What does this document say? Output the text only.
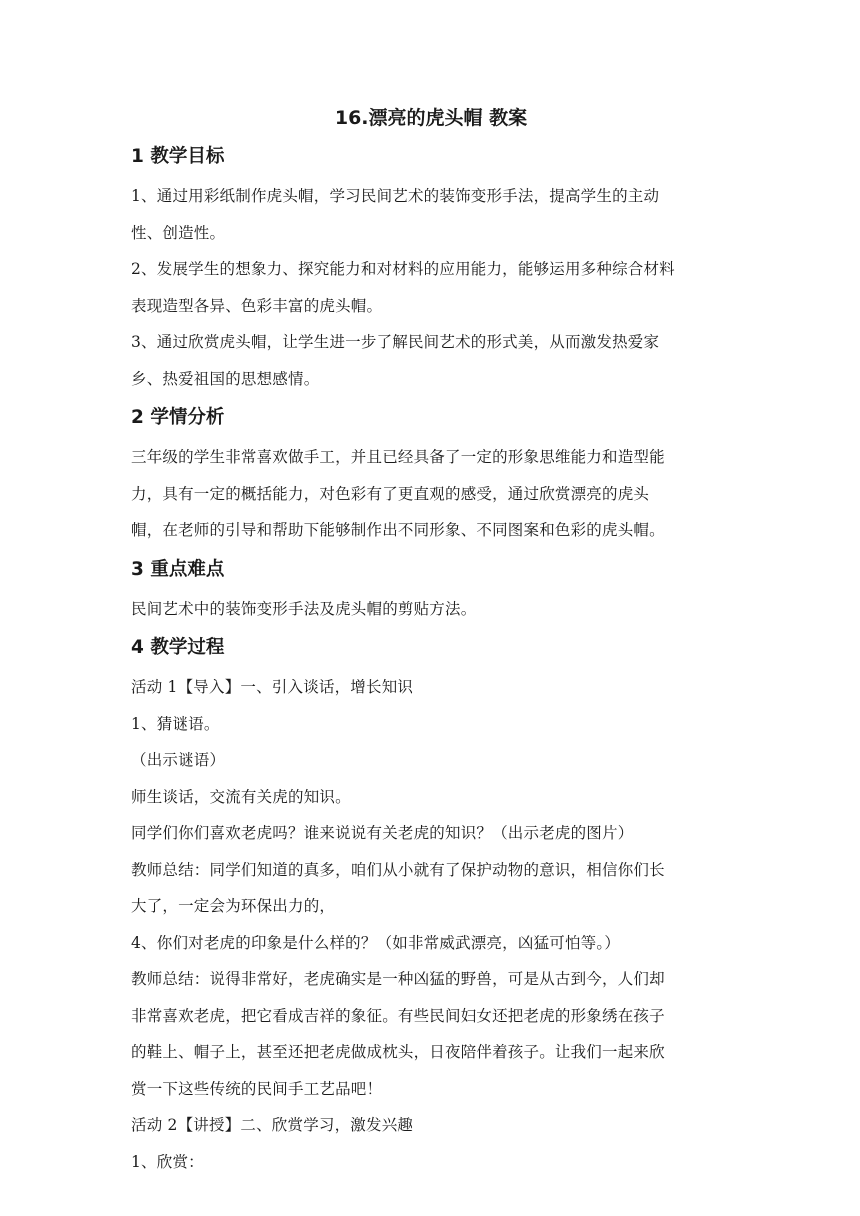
16.漂亮的虎头帽 教案
1 教学目标
1、通过用彩纸制作虎头帽，学习民间艺术的装饰变形手法，提高学生的主动
性、创造性。
2、发展学生的想象力、探究能力和对材料的应用能力，能够运用多种综合材料
表现造型各异、色彩丰富的虎头帽。
3、通过欣赏虎头帽，让学生进一步了解民间艺术的形式美，从而激发热爱家
乡、热爱祖国的思想感情。
2 学情分析
三年级的学生非常喜欢做手工，并且已经具备了一定的形象思维能力和造型能
力，具有一定的概括能力，对色彩有了更直观的感受，通过欣赏漂亮的虎头
帽，在老师的引导和帮助下能够制作出不同形象、不同图案和色彩的虎头帽。
3 重点难点
民间艺术中的装饰变形手法及虎头帽的剪贴方法。
4 教学过程
活动 1【导入】一、引入谈话，增长知识
1、猜谜语。
（出示谜语）
师生谈话，交流有关虎的知识。
同学们你们喜欢老虎吗？谁来说说有关老虎的知识？（出示老虎的图片）
教师总结：同学们知道的真多，咱们从小就有了保护动物的意识，相信你们长
大了，一定会为环保出力的，
4、你们对老虎的印象是什么样的？（如非常威武漂亮，凶猛可怕等。）
教师总结：说得非常好，老虎确实是一种凶猛的野兽，可是从古到今，人们却
非常喜欢老虎，把它看成吉祥的象征。有些民间妇女还把老虎的形象绣在孩子
的鞋上、帽子上，甚至还把老虎做成枕头，日夜陪伴着孩子。让我们一起来欣
赏一下这些传统的民间手工艺品吧！
活动 2【讲授】二、欣赏学习，激发兴趣
1、欣赏：
